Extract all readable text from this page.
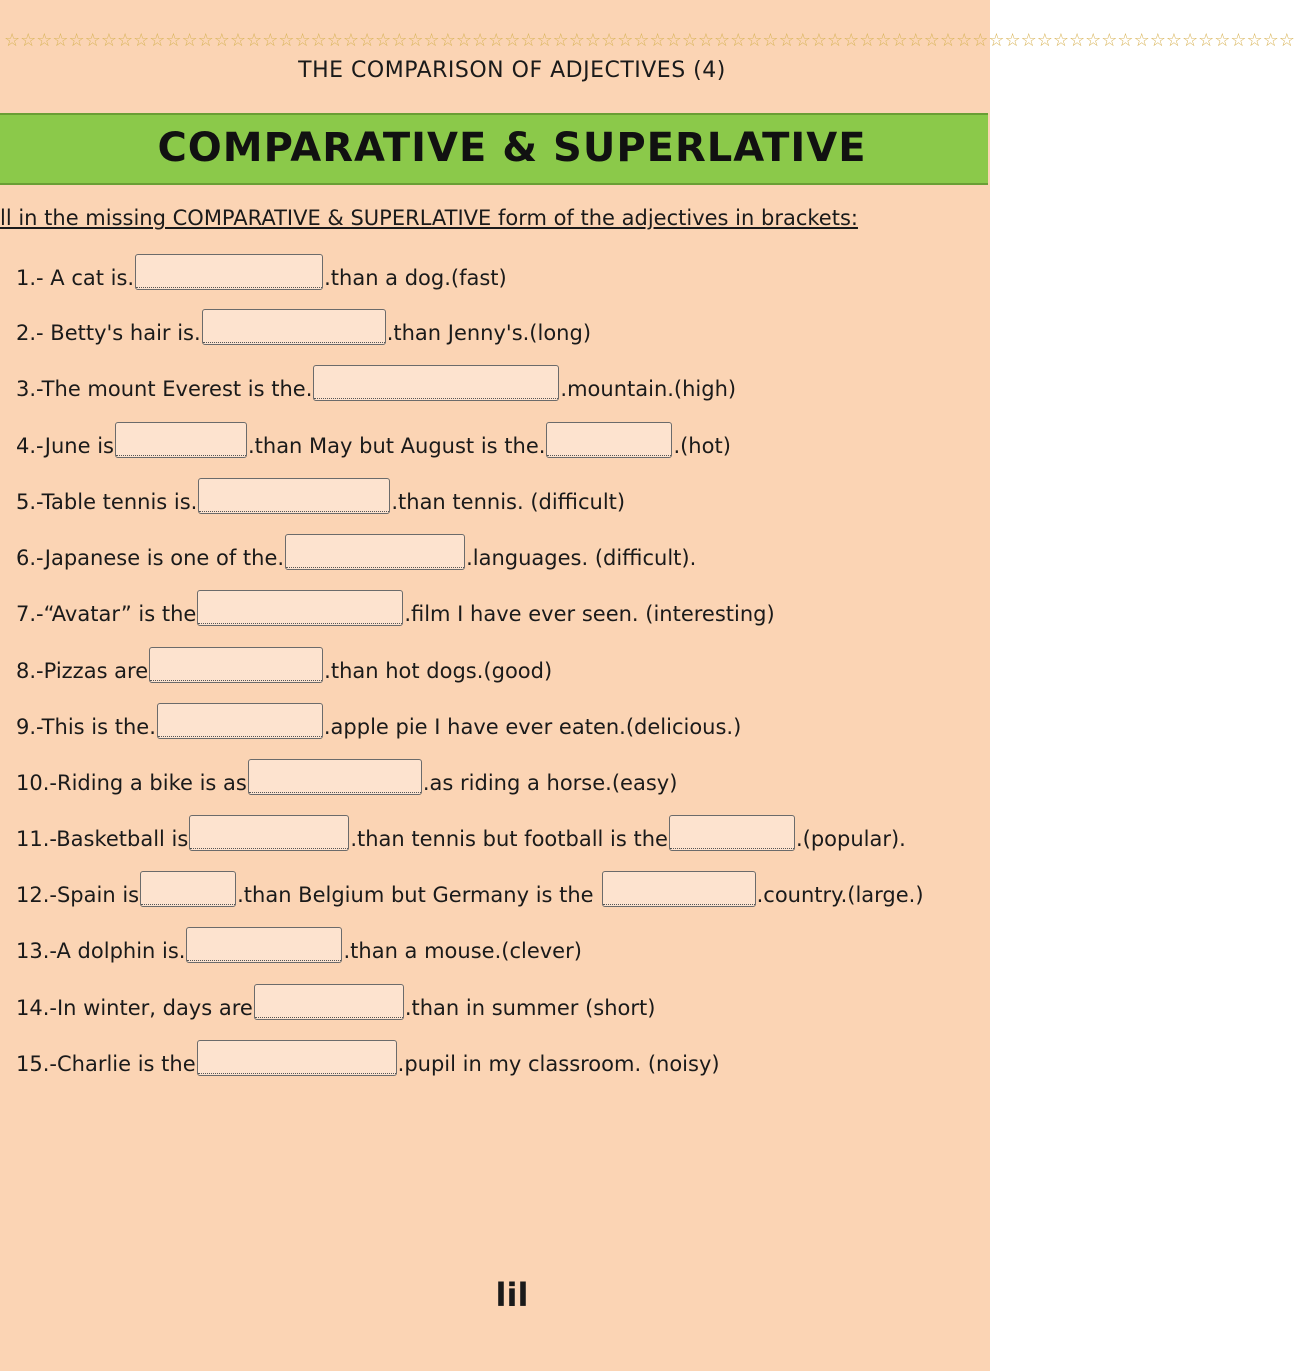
☆☆☆☆☆☆☆☆☆☆☆☆☆☆☆☆☆☆☆☆☆☆☆☆☆☆☆☆☆☆☆☆☆☆☆☆☆☆☆☆☆☆☆☆☆☆☆☆☆☆☆☆☆☆☆☆☆☆☆☆☆☆☆☆☆☆☆☆☆☆☆☆☆☆☆☆☆☆☆☆
THE COMPARISON OF ADJECTIVES (4)
COMPARATIVE & SUPERLATIVE
ll in the missing COMPARATIVE & SUPERLATIVE form of the adjectives in brackets:
1.- A cat is.	.than a dog.(fast)
2.- Betty's hair is.	.than Jenny's.(long)
3.-The mount Everest is the.	.mountain.(high)
4.-June is	.than May but August is the.	.(hot)
5.-Table tennis is.	.than tennis. (difficult)
6.-Japanese is one of the.	.languages. (difficult).
7.-“Avatar” is the	.film I have ever seen. (interesting)
8.-Pizzas are	.than hot dogs.(good)
9.-This is the.	.apple pie I have ever eaten.(delicious.)
10.-Riding a bike is as	.as riding a horse.(easy)
11.-Basketball is	.than tennis but football is the	.(popular).
12.-Spain is	.than Belgium but Germany is the	.country.(large.)
13.-A dolphin is.	.than a mouse.(clever)
14.-In winter, days are	.than in summer (short)
15.-Charlie is the	.pupil in my classroom. (noisy)
lil
